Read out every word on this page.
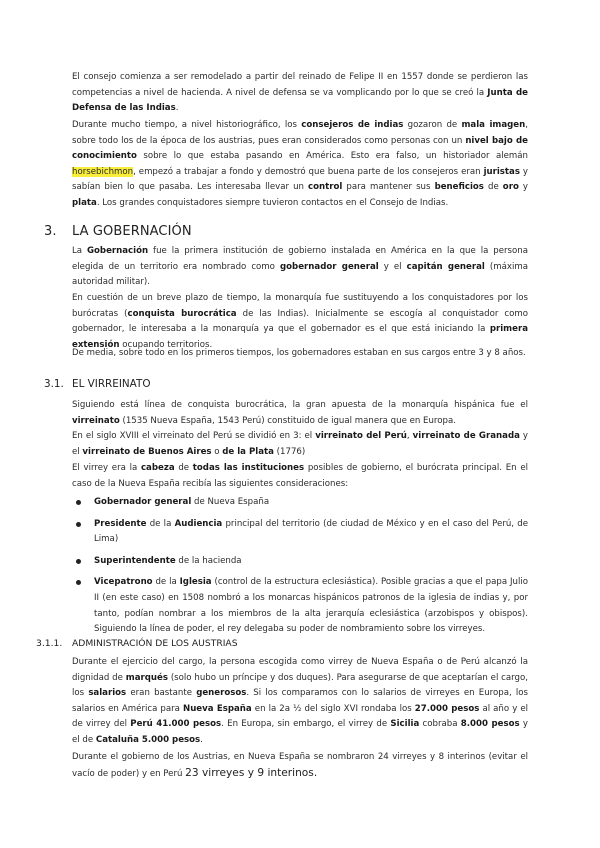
El consejo comienza a ser remodelado a partir del reinado de Felipe II en 1557 donde se perdieron las competencias a nivel de hacienda. A nivel de defensa se va vomplicando por lo que se creó la Junta de Defensa de las Indias.

Durante mucho tiempo, a nivel historiográfico, los consejeros de indias gozaron de mala imagen, sobre todo los de la época de los austrias, pues eran considerados como personas con un nivel bajo de conocimiento sobre lo que estaba pasando en América. Esto era falso, un historiador alemán horsebichmon, empezó a trabajar a fondo y demostró que buena parte de los consejeros eran juristas y sabían bien lo que pasaba. Les interesaba llevar un control para mantener sus beneficios de oro y plata. Los grandes conquistadores siempre tuvieron contactos en el Consejo de Indias.

3. LA GOBERNACIÓN

La Gobernación fue la primera institución de gobierno instalada en América en la que la persona elegida de un territorio era nombrado como gobernador general y el capitán general (máxima autoridad militar).

En cuestión de un breve plazo de tiempo, la monarquía fue sustituyendo a los conquistadores por los burócratas (conquista burocrática de las Indias). Inicialmente se escogía al conquistador como gobernador, le interesaba a la monarquía ya que el gobernador es el que está iniciando la primera extensión ocupando territorios.

De media, sobre todo en los primeros tiempos, los gobernadores estaban en sus cargos entre 3 y 8 años.

3.1. EL VIRREINATO

Siguiendo está línea de conquista burocrática, la gran apuesta de la monarquía hispánica fue el virreinato (1535 Nueva España, 1543 Perú) constituido de igual manera que en Europa.

En el siglo XVIII el virreinato del Perú se dividió en 3: el virreinato del Perú, virreinato de Granada y el virreinato de Buenos Aires o de la Plata (1776)

El virrey era la cabeza de todas las instituciones posibles de gobierno, el burócrata principal. En el caso de la Nueva España recibía las siguientes consideraciones:

Gobernador general de Nueva España
Presidente de la Audiencia principal del territorio (de ciudad de México y en el caso del Perú, de Lima)
Superintendente de la hacienda
Vicepatrono de la Iglesia (control de la estructura eclesiástica). Posible gracias a que el papa Julio II (en este caso) en 1508 nombró a los monarcas hispánicos patronos de la iglesia de indias y, por tanto, podían nombrar a los miembros de la alta jerarquía eclesiástica (arzobispos y obispos). Siguiendo la línea de poder, el rey delegaba su poder de nombramiento sobre los virreyes.
3.1.1. ADMINISTRACIÓN DE LOS AUSTRIAS

Durante el ejercicio del cargo, la persona escogida como virrey de Nueva España o de Perú alcanzó la dignidad de marqués (solo hubo un príncipe y dos duques). Para asegurarse de que aceptarían el cargo, los salarios eran bastante generosos. Si los comparamos con lo salarios de virreyes en Europa, los salarios en América para Nueva España en la 2a ½ del siglo XVI rondaba los 27.000 pesos al año y el de virrey del Perú 41.000 pesos. En Europa, sin embargo, el virrey de Sicilia cobraba 8.000 pesos y el de Cataluña 5.000 pesos.

Durante el gobierno de los Austrias, en Nueva España se nombraron 24 virreyes y 8 interinos (evitar el vacío de poder) y en Perú 23 virreyes y 9 interinos.
